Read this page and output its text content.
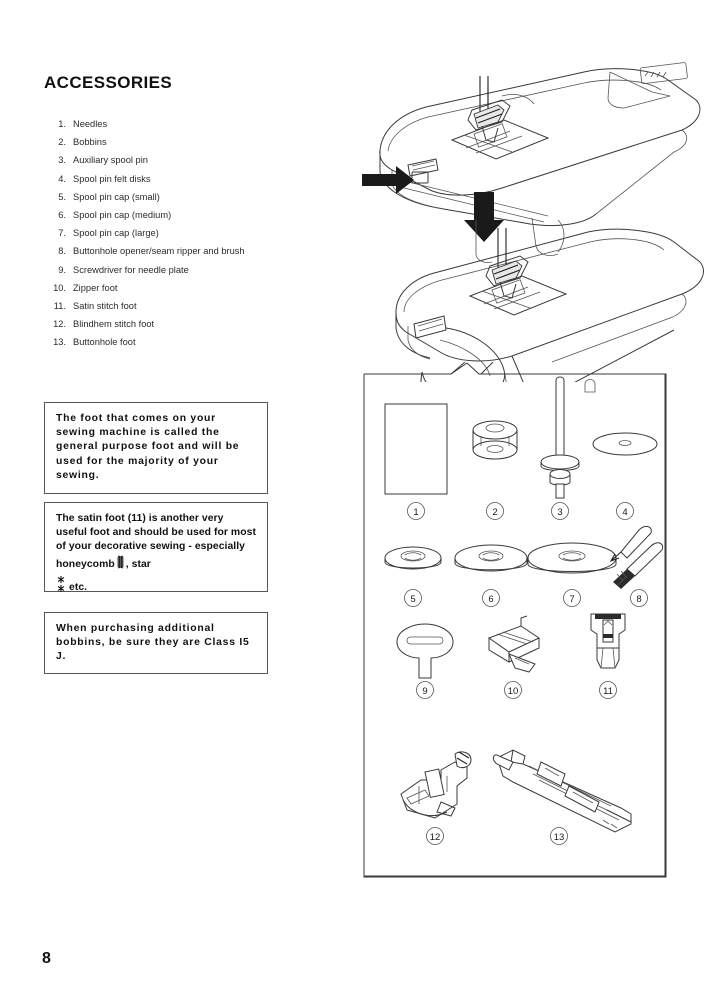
ACCESSORIES
1. Needles
2. Bobbins
3. Auxiliary spool pin
4. Spool pin felt disks
5. Spool pin cap (small)
6. Spool pin cap (medium)
7. Spool pin cap (large)
8. Buttonhole opener/seam ripper and brush
9. Screwdriver for needle plate
10. Zipper foot
11. Satin stitch foot
12. Blindhem stitch foot
13. Buttonhole foot
The foot that comes on your sewing machine is called the general purpose foot and will be used for the majority of your sewing.
The satin foot (11) is another very useful foot and should be used for most of your decorative sewing - especially honeycomb , star
etc.
When purchasing additional bobbins, be sure they are Class I5 J.
1	2	3	4
5	6	7	8
9	10	11
12	13
8
